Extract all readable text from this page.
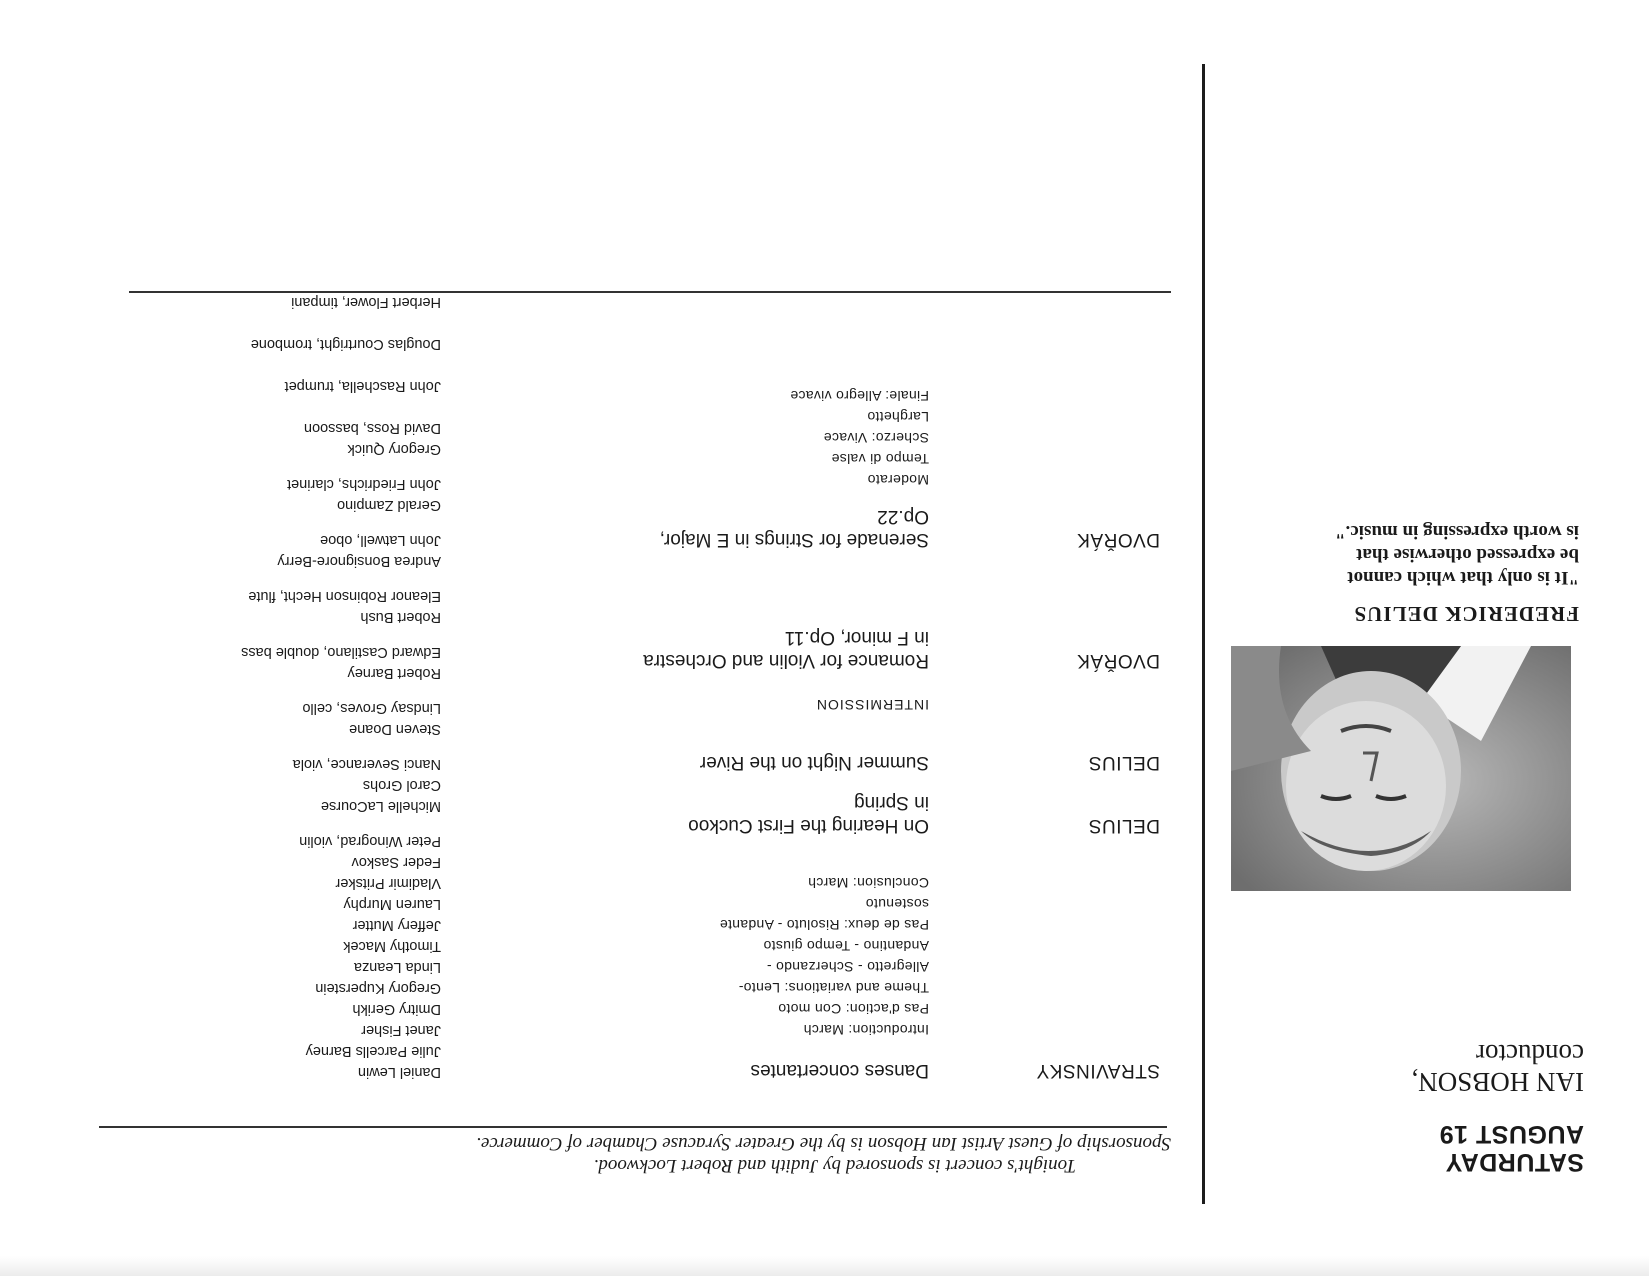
SATURDAY
AUGUST 19
IAN HOBSON,
conductor
FREDERICK DELIUS
"It is only that which cannot
be expressed otherwise that
is worth expressing in music."
Tonight's concert is sponsored by Judith and Robert Lockwood.
Sponsorship of Guest Artist Ian Hobson is by the Greater Syracuse Chamber of Commerce.
STRAVINSKY
Danses concertantes
Introduction: March
Pas d'action: Con moto
Theme and variations: Lento-
Allegretto - Scherzando -
Andantino - Tempo giusto
Pas de deux: Risoluto - Andante
sostenuto
Conclusion: March
DELIUS
On Hearing the First Cuckoo
in Spring
DELIUS
Summer Night on the River
INTERMISSION
DVOŘÁK
Romance for Violin and Orchestra
in F minor, Op.11
DVOŘÁK
Serenade for Strings in E Major,
Op.22
Moderato
Tempo di valse
Scherzo: Vivace
Larghetto
Finale: Allegro vivace
Daniel Lewin
Julie Parcells Barney
Janet Fisher
Dmitry Gerikh
Gregory Kuperstein
Linda Leanza
Timothy Macek
Jeffery Mutter
Lauren Murphy
Vladimir Pritsker
Feder Saskov
Peter Winograd, violin
Michelle LaCourse
Carol Grohs
Nanci Severance, viola
Steven Doane
Lindsay Groves, cello
Robert Barney
Edward Castilano, double bass
Robert Bush
Eleanor Robinson Hecht, flute
Andrea Bonsignore-Berry
John Latwell, oboe
Gerald Zampino
John Friedrichs, clarinet
Gregory Quick
David Ross, bassoon
John Raschella, trumpet
Douglas Courtright, trombone
Herbert Flower, timpani
